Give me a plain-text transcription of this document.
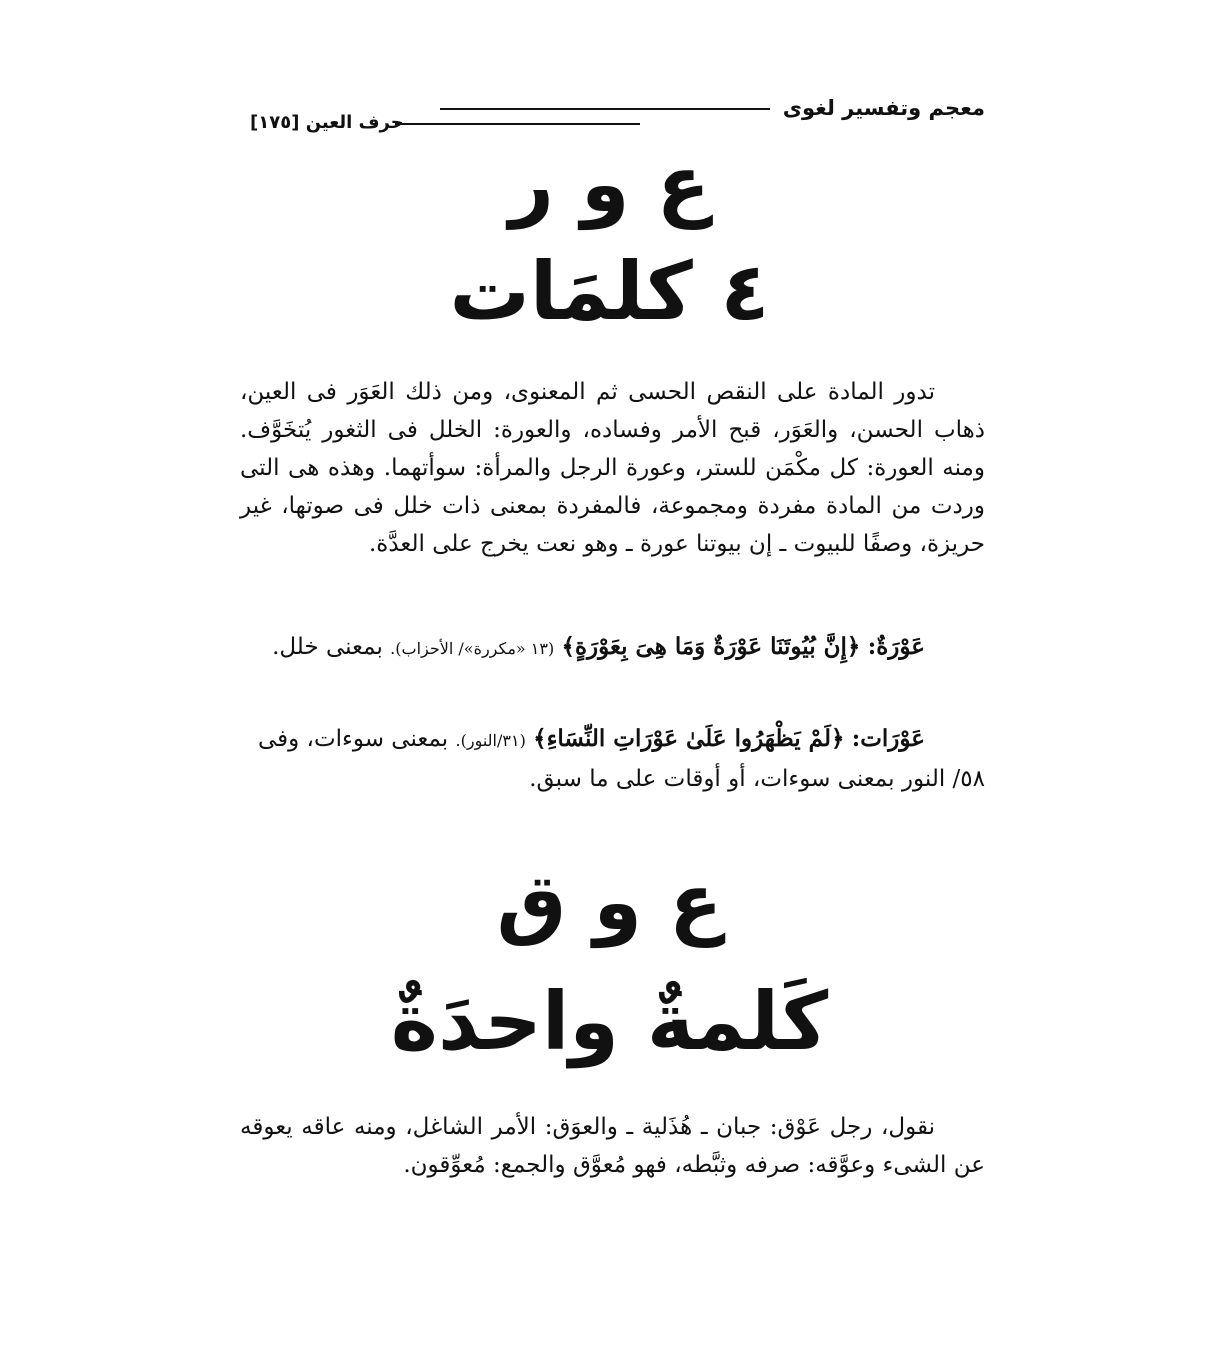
معجم وتفسير لغوى
حرف العين [١٧٥]
ع و ر
٤ كلمَات

تدور المادة على النقص الحسى ثم المعنوى، ومن ذلك العَوَر فى العين، ذهاب الحسن، والعَوَر، قبح الأمر وفساده، والعورة: الخلل فى الثغور يُتخَوَّف. ومنه العورة: كل مكْمَن للستر، وعورة الرجل والمرأة: سوأتهما. وهذه هى التى وردت من المادة مفردة ومجموعة، فالمفردة بمعنى ذات خلل فى صوتها، غير حريزة، وصفًا للبيوت ـ إن بيوتنا عورة ـ وهو نعت يخرج على العدَّة.

عَوْرَةٌ: ﴿إِنَّ بُيُوتَنَا عَوْرَةٌ وَمَا هِىَ بِعَوْرَةٍ﴾ (١٣ «مكررة»/ الأحزاب). بمعنى خلل.
عَوْرَات: ﴿لَمْ يَظْهَرُوا عَلَىٰ عَوْرَاتِ النِّسَاءِ﴾ (٣١/النور). بمعنى سوءات، وفى ٥٨/ النور بمعنى سوءات، أو أوقات على ما سبق.
ع و ق
كَلمةٌ واحدَةٌ

نقول، رجل عَوْق: جبان ـ هُذَلية ـ والعوَق: الأمر الشاغل، ومنه عاقه يعوقه عن الشىء وعوَّقه: صرفه وثبَّطه، فهو مُعوَّق والجمع: مُعوِّقون.
